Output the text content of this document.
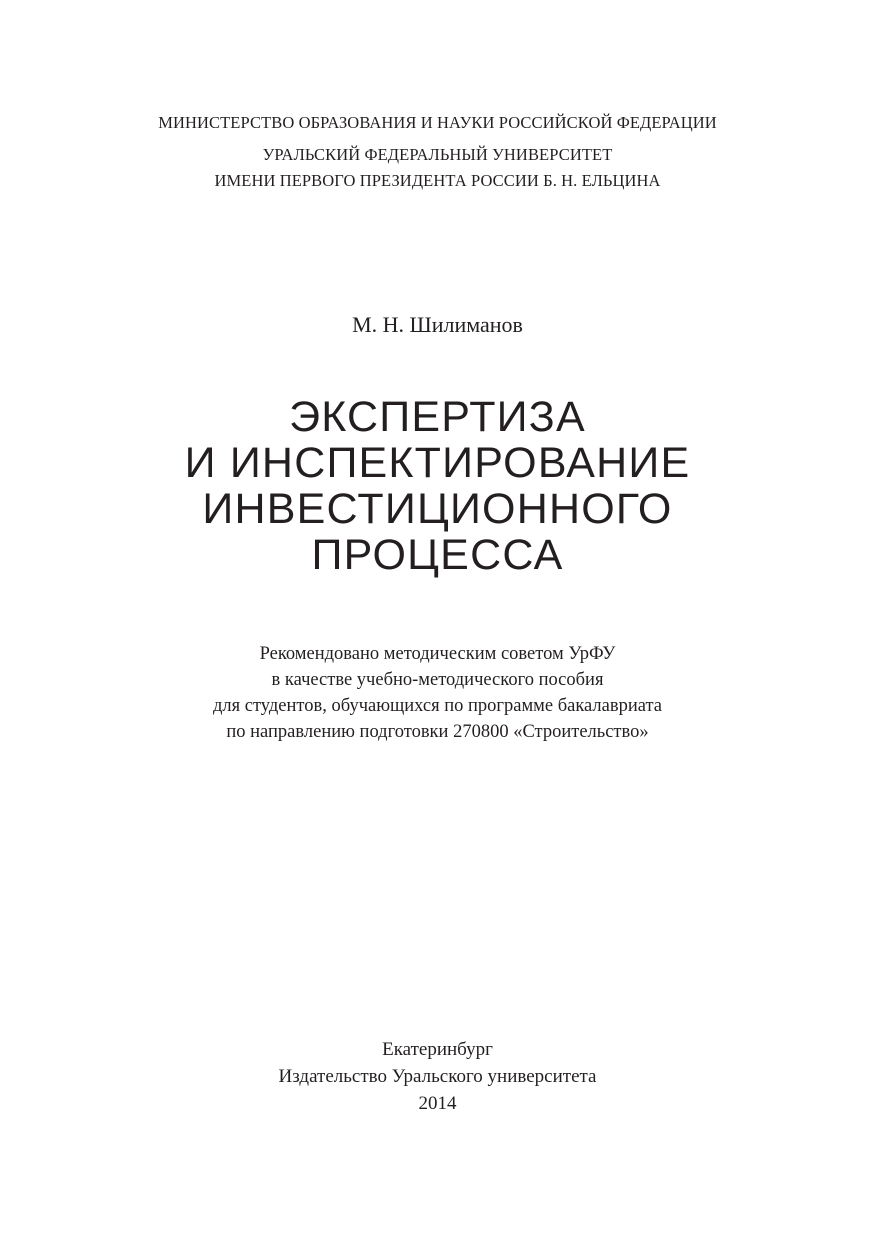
МИНИСТЕРСТВО ОБРАЗОВАНИЯ И НАУКИ РОССИЙСКОЙ ФЕДЕРАЦИИ
УРАЛЬСКИЙ ФЕДЕРАЛЬНЫЙ УНИВЕРСИТЕТ
ИМЕНИ ПЕРВОГО ПРЕЗИДЕНТА РОССИИ Б. Н. ЕЛЬЦИНА
М. Н. Шилиманов
ЭКСПЕРТИЗА
И ИНСПЕКТИРОВАНИЕ
ИНВЕСТИЦИОННОГО
ПРОЦЕССА
Рекомендовано методическим советом УрФУ
в качестве учебно-методического пособия
для студентов, обучающихся по программе бакалавриата
по направлению подготовки 270800 «Строительство»
Екатеринбург
Издательство Уральского университета
2014
